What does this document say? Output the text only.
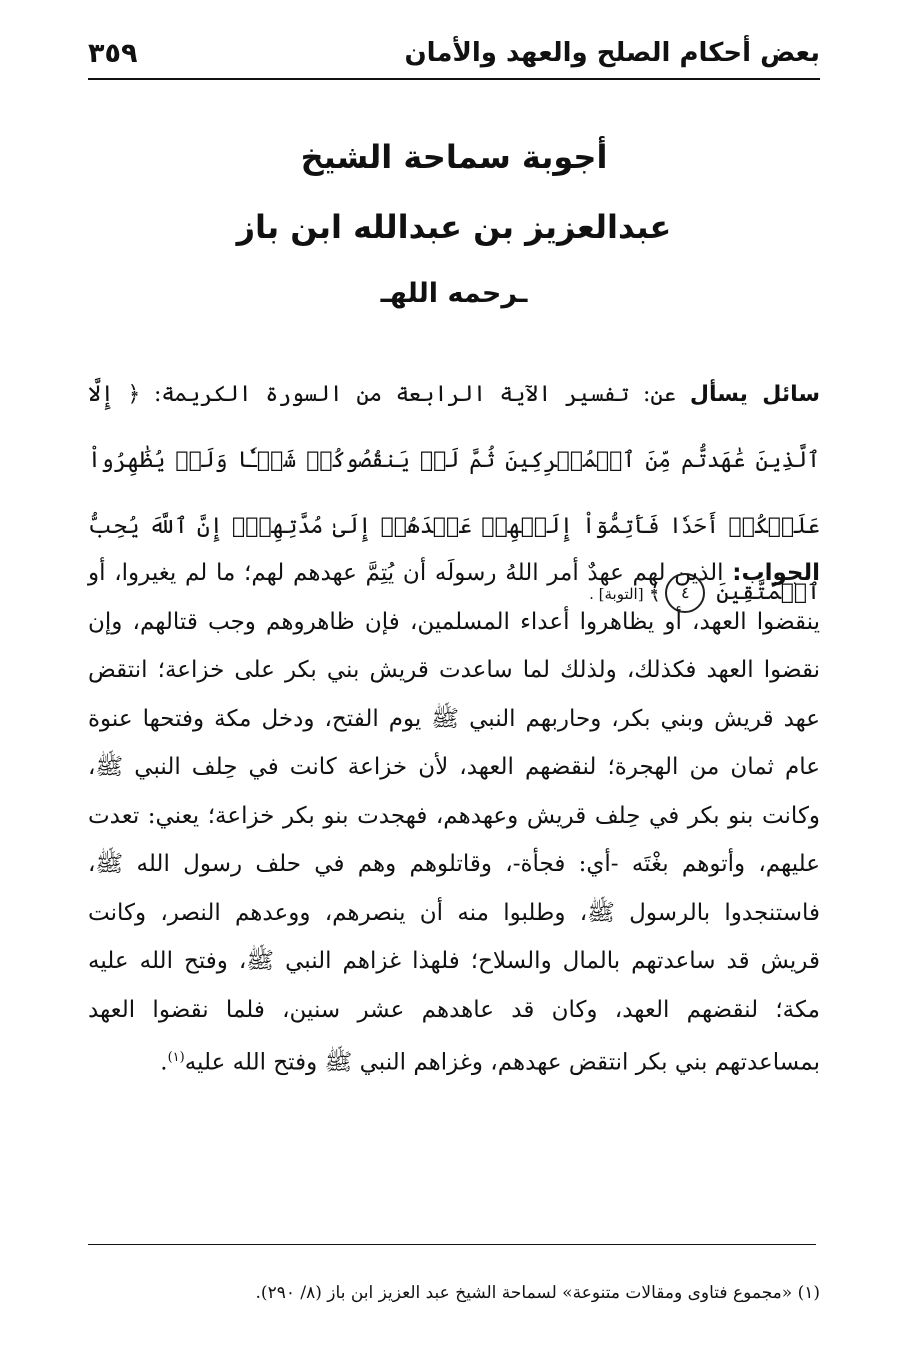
بعض أحكام الصلح والعهد والأمان
٣٥٩
أجوبة سماحة الشيخ
عبدالعزيز بن عبدالله ابن باز
ـرحمه اللهـ

سائل يسأل عن: تفسير الآية الرابعة من السورة الكريمة: ﴿ إِلَّا ٱلَّذِينَ عَٰهَدتُّم مِّنَ ٱلۡمُشۡرِكِينَ ثُمَّ لَمۡ يَنقُصُوكُمۡ شَيۡـٔٗا وَلَمۡ يُظَٰهِرُواْ عَلَيۡكُمۡ أَحَدٗا فَأَتِمُّوٓاْ إِلَيۡهِمۡ عَهۡدَهُمۡ إِلَىٰ مُدَّتِهِمۡۚ إِنَّ ٱللَّهَ يُحِبُّ ٱلۡمُتَّقِينَ ٤﴾ [التوبة] .

الجواب: الذين لهم عهدٌ أمر اللهُ رسولَه أن يُتِمَّ عهدهم لهم؛ ما لم يغيروا، أو ينقضوا العهد، أو يظاهروا أعداء المسلمين، فإن ظاهروهم وجب قتالهم، وإن نقضوا العهد فكذلك، ولذلك لما ساعدت قريش بني بكر على خزاعة؛ انتقض عهد قريش وبني بكر، وحاربهم النبي ﷺ يوم الفتح، ودخل مكة وفتحها عنوة عام ثمان من الهجرة؛ لنقضهم العهد، لأن خزاعة كانت في حِلف النبي ﷺ، وكانت بنو بكر في حِلف قريش وعهدهم، فهجدت بنو بكر خزاعة؛ يعني: تعدت عليهم، وأتوهم بغْتَه -أي: فجأة-، وقاتلوهم وهم في حلف رسول الله ﷺ، فاستنجدوا بالرسول ﷺ، وطلبوا منه أن ينصرهم، ووعدهم النصر، وكانت قريش قد ساعدتهم بالمال والسلاح؛ فلهذا غزاهم النبي ﷺ، وفتح الله عليه مكة؛ لنقضهم العهد، وكان قد عاهدهم عشر سنين، فلما نقضوا العهد بمساعدتهم بني بكر انتقض عهدهم، وغزاهم النبي ﷺ وفتح الله عليه$^{(١)}$.

(١) «مجموع فتاوى ومقالات متنوعة» لسماحة الشيخ عبد العزيز ابن باز (٨/ ٢٩٠).
